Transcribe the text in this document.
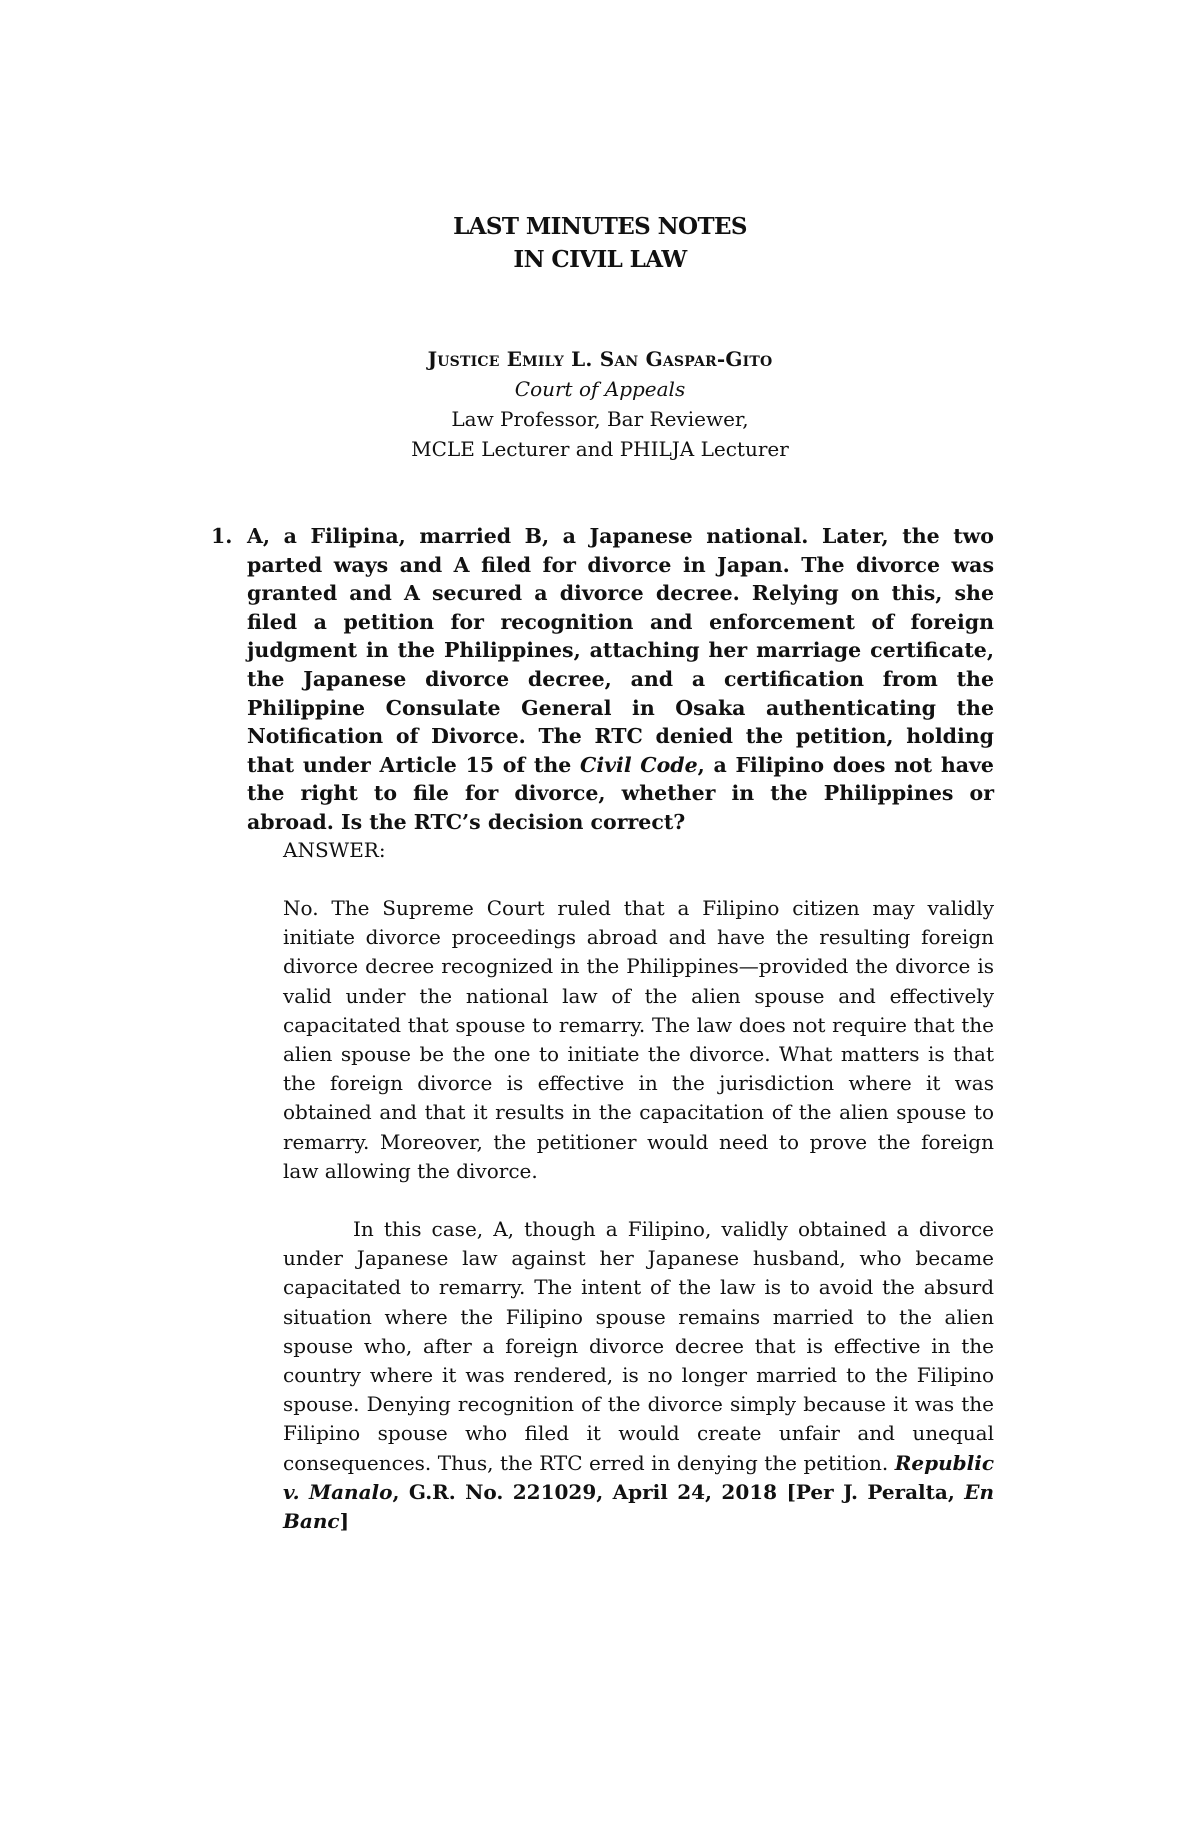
LAST MINUTES NOTES
IN CIVIL LAW
Justice Emily L. San Gaspar-Gito
Court of Appeals
Law Professor, Bar Reviewer,
MCLE Lecturer and PHILJA Lecturer
1. A, a Filipina, married B, a Japanese national. Later, the two parted ways and A filed for divorce in Japan. The divorce was granted and A secured a divorce decree. Relying on this, she filed a petition for recognition and enforcement of foreign judgment in the Philippines, attaching her marriage certificate, the Japanese divorce decree, and a certification from the Philippine Consulate General in Osaka authenticating the Notification of Divorce. The RTC denied the petition, holding that under Article 15 of the Civil Code, a Filipino does not have the right to file for divorce, whether in the Philippines or abroad. Is the RTC’s decision correct?
ANSWER:
No. The Supreme Court ruled that a Filipino citizen may validly initiate divorce proceedings abroad and have the resulting foreign divorce decree recognized in the Philippines—provided the divorce is valid under the national law of the alien spouse and effectively capacitated that spouse to remarry. The law does not require that the alien spouse be the one to initiate the divorce. What matters is that the foreign divorce is effective in the jurisdiction where it was obtained and that it results in the capacitation of the alien spouse to remarry. Moreover, the petitioner would need to prove the foreign law allowing the divorce.
In this case, A, though a Filipino, validly obtained a divorce under Japanese law against her Japanese husband, who became capacitated to remarry. The intent of the law is to avoid the absurd situation where the Filipino spouse remains married to the alien spouse who, after a foreign divorce decree that is effective in the country where it was rendered, is no longer married to the Filipino spouse. Denying recognition of the divorce simply because it was the Filipino spouse who filed it would create unfair and unequal consequences. Thus, the RTC erred in denying the petition. Republic v. Manalo, G.R. No. 221029, April 24, 2018 [Per J. Peralta, En Banc]
